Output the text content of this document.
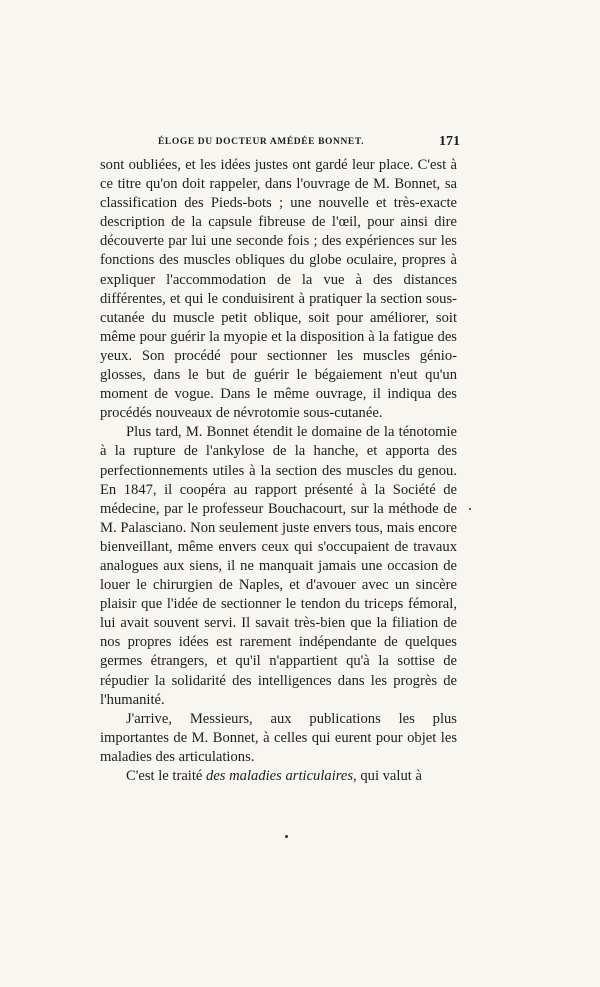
ÉLOGE DU DOCTEUR AMÉDÉE BONNET.	171

sont oubliées, et les idées justes ont gardé leur place. C'est à ce titre qu'on doit rappeler, dans l'ouvrage de M. Bonnet, sa classification des Pieds-bots ; une nouvelle et très-exacte description de la capsule fibreuse de l'œil, pour ainsi dire découverte par lui une seconde fois ; des expériences sur les fonctions des muscles obliques du globe oculaire, propres à expliquer l'accommodation de la vue à des distances différentes, et qui le conduisirent à pratiquer la section sous-cutanée du muscle petit oblique, soit pour améliorer, soit même pour guérir la myopie et la disposition à la fatigue des yeux. Son procédé pour sectionner les muscles génio-glosses, dans le but de guérir le bégaiement n'eut qu'un moment de vogue. Dans le même ouvrage, il indiqua des procédés nouveaux de névrotomie sous-cutanée.

Plus tard, M. Bonnet étendit le domaine de la ténotomie à la rupture de l'ankylose de la hanche, et apporta des perfectionnements utiles à la section des muscles du genou. En 1847, il coopéra au rapport présenté à la Société de médecine, par le professeur Bouchacourt, sur la méthode de M. Palasciano. Non seulement juste envers tous, mais encore bienveillant, même envers ceux qui s'occupaient de travaux analogues aux siens, il ne manquait jamais une occasion de louer le chirurgien de Naples, et d'avouer avec un sincère plaisir que l'idée de sectionner le tendon du triceps fémoral, lui avait souvent servi. Il savait très-bien que la filiation de nos propres idées est rarement indépendante de quelques germes étrangers, et qu'il n'appartient qu'à la sottise de répudier la solidarité des intelligences dans les progrès de l'humanité.

J'arrive, Messieurs, aux publications les plus importantes de M. Bonnet, à celles qui eurent pour objet les maladies des articulations.

C'est le traité des maladies articulaires, qui valut à
